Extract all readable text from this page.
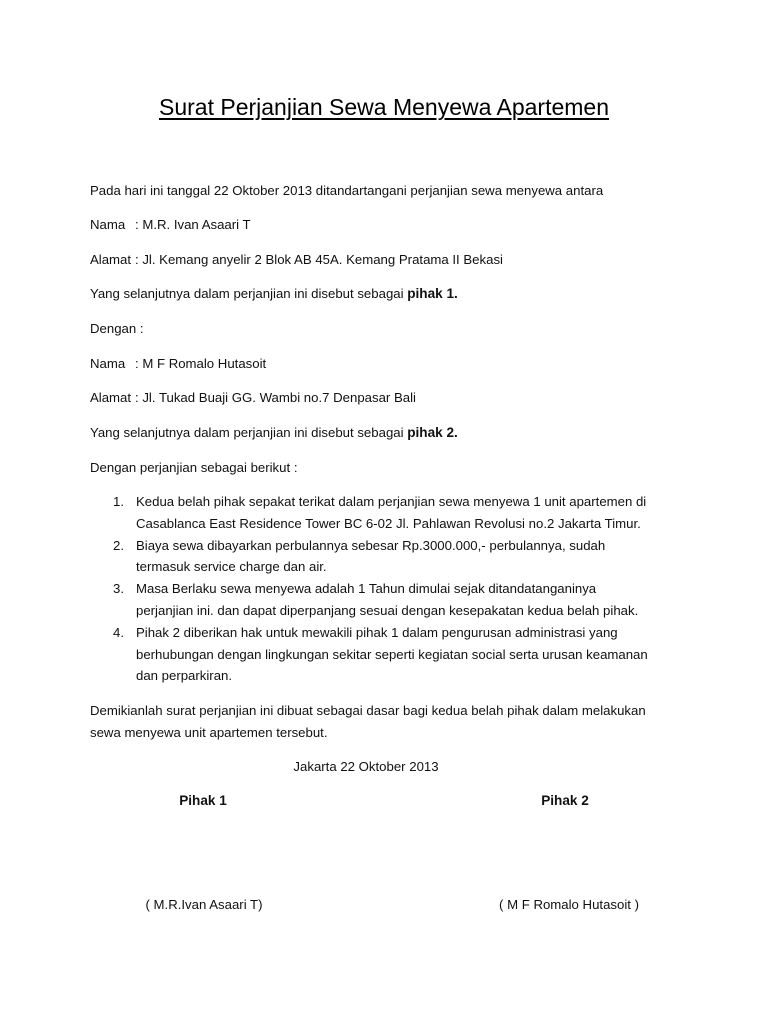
Surat Perjanjian Sewa Menyewa Apartemen
Pada hari ini tanggal 22 Oktober 2013 ditandartangani perjanjian sewa menyewa antara
Nama : M.R. Ivan Asaari T
Alamat : Jl. Kemang anyelir 2 Blok AB 45A. Kemang Pratama II Bekasi
Yang selanjutnya dalam perjanjian ini disebut sebagai pihak 1.
Dengan :
Nama : M F Romalo Hutasoit
Alamat : Jl. Tukad Buaji GG. Wambi no.7 Denpasar Bali
Yang selanjutnya dalam perjanjian ini disebut sebagai pihak 2.
Dengan perjanjian sebagai berikut :
1. Kedua belah pihak sepakat terikat dalam perjanjian sewa menyewa 1 unit apartemen di
Casablanca East Residence Tower BC 6-02 Jl. Pahlawan Revolusi no.2 Jakarta Timur.
2. Biaya sewa dibayarkan perbulannya sebesar Rp.3000.000,- perbulannya, sudah
termasuk service charge dan air.
3. Masa Berlaku sewa menyewa adalah 1 Tahun dimulai sejak ditandatanganinya
perjanjian ini. dan dapat diperpanjang sesuai dengan kesepakatan kedua belah pihak.
4. Pihak 2 diberikan hak untuk mewakili pihak 1 dalam pengurusan administrasi yang
berhubungan dengan lingkungan sekitar seperti kegiatan social serta urusan keamanan
dan perparkiran.
Demikianlah surat perjanjian ini dibuat sebagai dasar bagi kedua belah pihak dalam melakukan
sewa menyewa unit apartemen tersebut.
Jakarta 22 Oktober 2013
Pihak 1	Pihak 2
( M.R.Ivan Asaari T)	( M F Romalo Hutasoit )
